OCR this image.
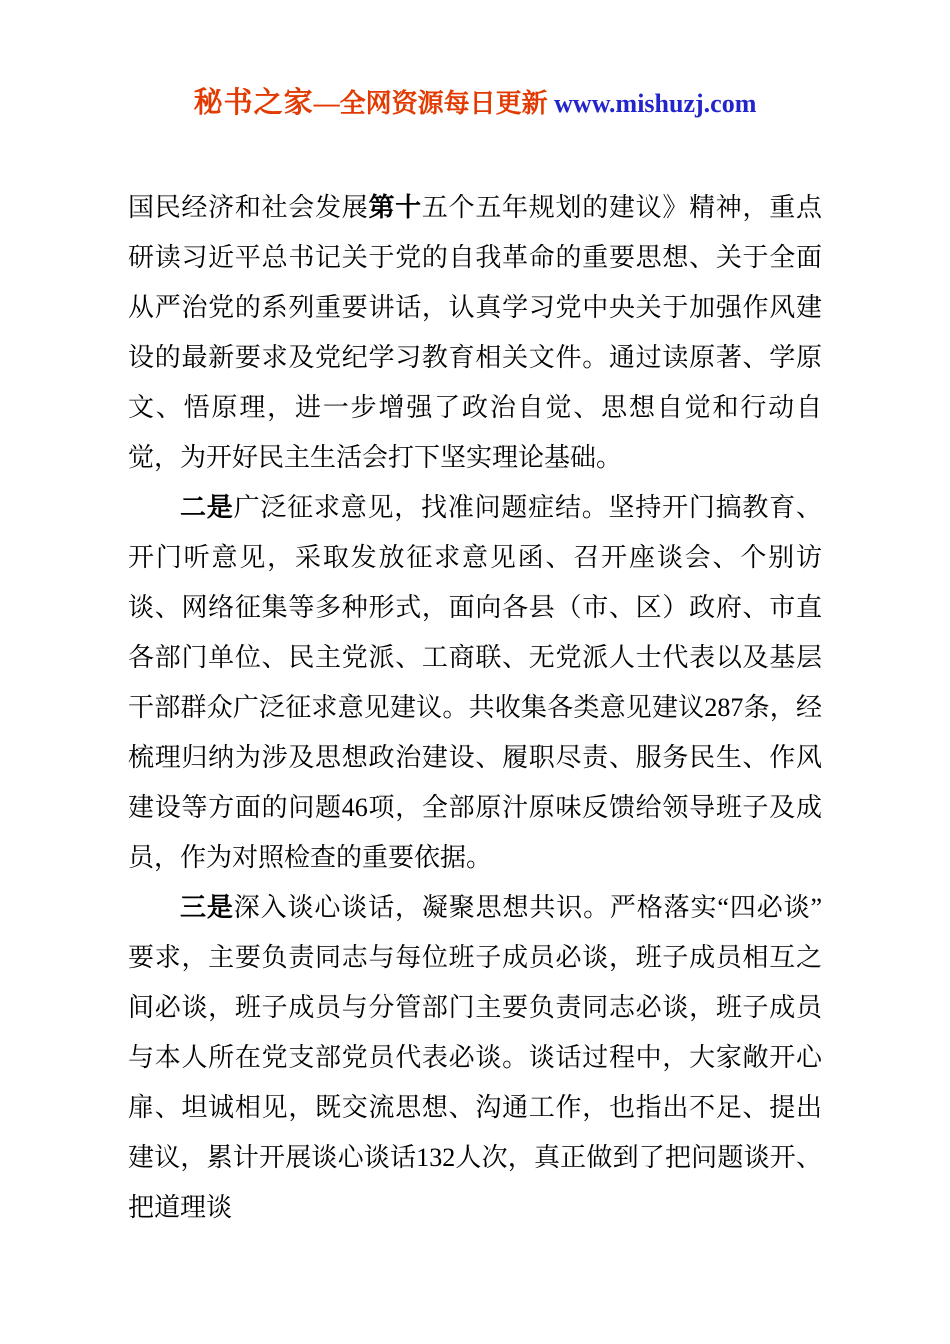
秘书之家—全网资源每日更新 www.mishuzj.com

国民经济和社会发展第十五个五年规划的建议》精神，重点研读习近平总书记关于党的自我革命的重要思想、关于全面从严治党的系列重要讲话，认真学习党中央关于加强作风建设的最新要求及党纪学习教育相关文件。通过读原著、学原文、悟原理，进一步增强了政治自觉、思想自觉和行动自觉，为开好民主生活会打下坚实理论基础。

二是广泛征求意见，找准问题症结。坚持开门搞教育、开门听意见，采取发放征求意见函、召开座谈会、个别访谈、网络征集等多种形式，面向各县（市、区）政府、市直各部门单位、民主党派、工商联、无党派人士代表以及基层干部群众广泛征求意见建议。共收集各类意见建议287条，经梳理归纳为涉及思想政治建设、履职尽责、服务民生、作风建设等方面的问题46项，全部原汁原味反馈给领导班子及成员，作为对照检查的重要依据。

三是深入谈心谈话，凝聚思想共识。严格落实“四必谈”要求，主要负责同志与每位班子成员必谈，班子成员相互之间必谈，班子成员与分管部门主要负责同志必谈，班子成员与本人所在党支部党员代表必谈。谈话过程中，大家敞开心扉、坦诚相见，既交流思想、沟通工作，也指出不足、提出建议，累计开展谈心谈话132人次，真正做到了把问题谈开、把道理谈
